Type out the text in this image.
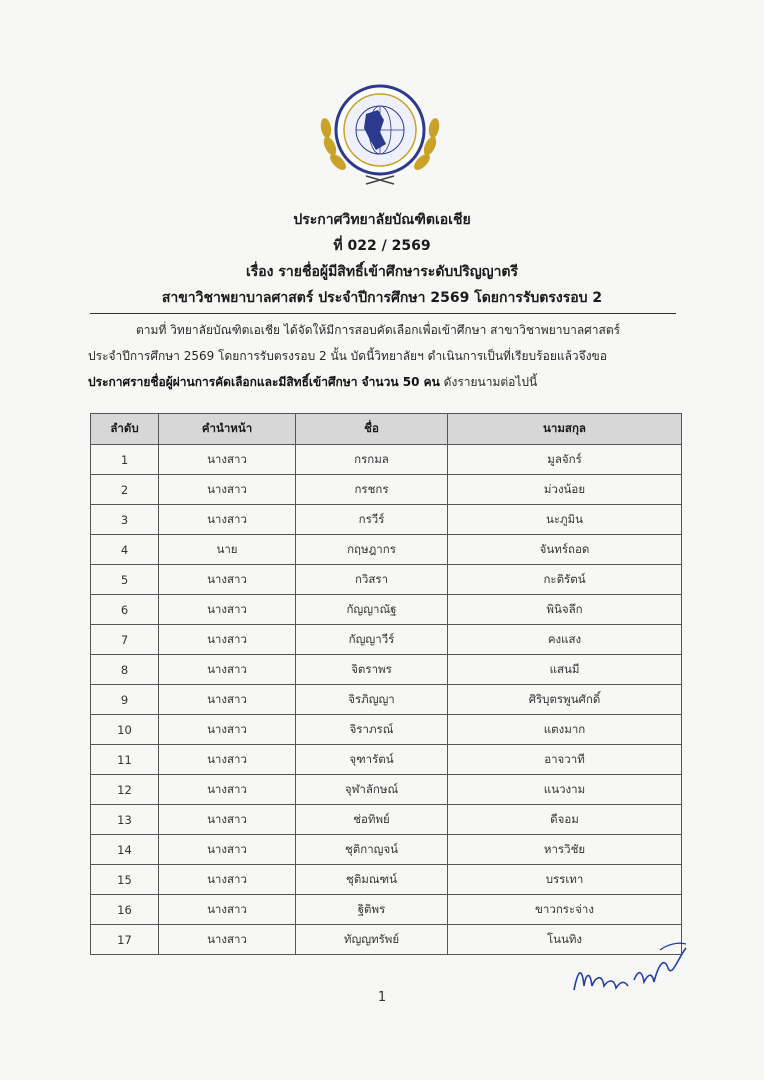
ประกาศวิทยาลัยบัณฑิตเอเชีย
ที่ 022 / 2569
เรื่อง รายชื่อผู้มีสิทธิ์เข้าศึกษาระดับปริญญาตรี
สาขาวิชาพยาบาลศาสตร์ ประจำปีการศึกษา 2569 โดยการรับตรงรอบ 2
ตามที่ วิทยาลัยบัณฑิตเอเชีย ได้จัดให้มีการสอบคัดเลือกเพื่อเข้าศึกษา สาขาวิชาพยาบาลศาสตร์
ประจำปีการศึกษา 2569 โดยการรับตรงรอบ 2 นั้น บัดนี้วิทยาลัยฯ ดำเนินการเป็นที่เรียบร้อยแล้วจึงขอ
ประกาศรายชื่อผู้ผ่านการคัดเลือกและมีสิทธิ์เข้าศึกษา จำนวน 50 คน ดังรายนามต่อไปนี้
ลำดับ	คำนำหน้า	ชื่อ	นามสกุล
1	นางสาว	กรกมล	มูลจักร์
2	นางสาว	กรชกร	ม่วงน้อย
3	นางสาว	กรวีร์	นะภูมิน
4	นาย	กฤษฎากร	จันทร์ถอด
5	นางสาว	กวิสรา	กะติรัตน์
6	นางสาว	กัญญาณัฐ	พินิจลึก
7	นางสาว	กัญญาวีร์	คงแสง
8	นางสาว	จิตราพร	แสนมี
9	นางสาว	จิรภิญญา	ศิริบุตรพูนศักดิ์
10	นางสาว	จิราภรณ์	แตงมาก
11	นางสาว	จุฑารัตน์	อาจวาที
12	นางสาว	จุฬาลักษณ์	แนวงาม
13	นางสาว	ช่อทิพย์	ดีจอม
14	นางสาว	ชุติกาญจน์	หารวิชัย
15	นางสาว	ชุติมณฑน์	บรรเทา
16	นางสาว	ฐิติพร	ขาวกระจ่าง
17	นางสาว	ทัญญทรัพย์	โนนทิง
1
